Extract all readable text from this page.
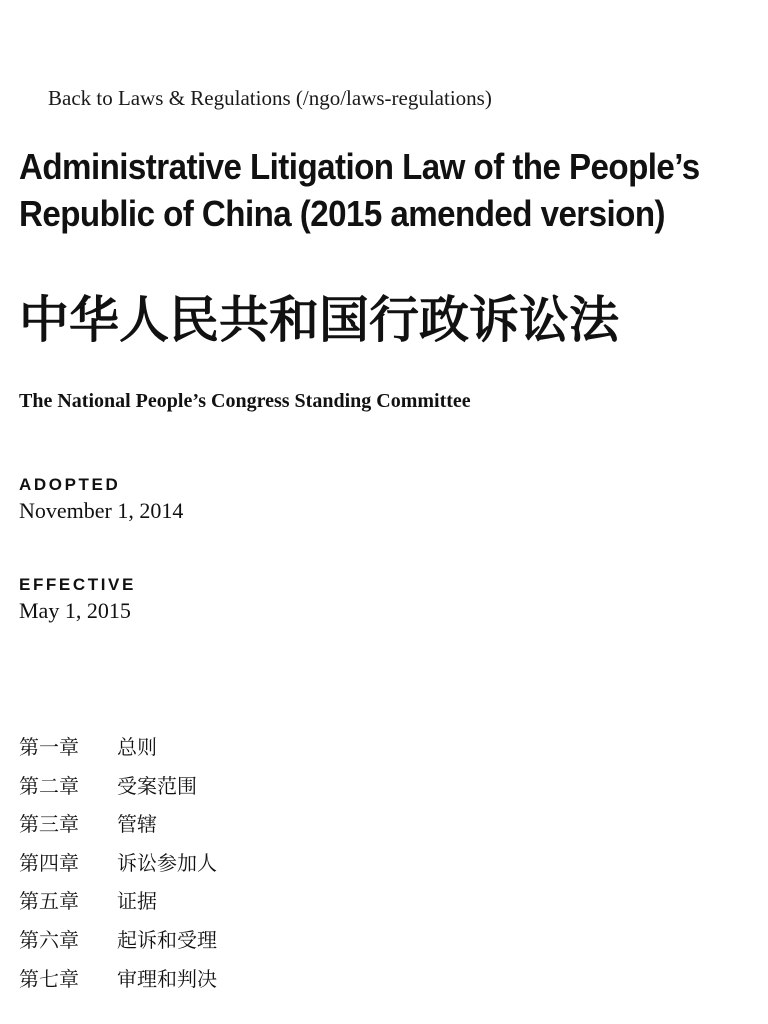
Back to Laws & Regulations (/ngo/laws-regulations)
Administrative Litigation Law of the People’s Republic of China (2015 amended version)
中华人民共和国行政诉讼法
The National People’s Congress Standing Committee
ADOPTED
November 1, 2014
EFFECTIVE
May 1, 2015
第一章 总则
第二章 受案范围
第三章 管辖
第四章 诉讼参加人
第五章 证据
第六章 起诉和受理
第七章 审理和判决
